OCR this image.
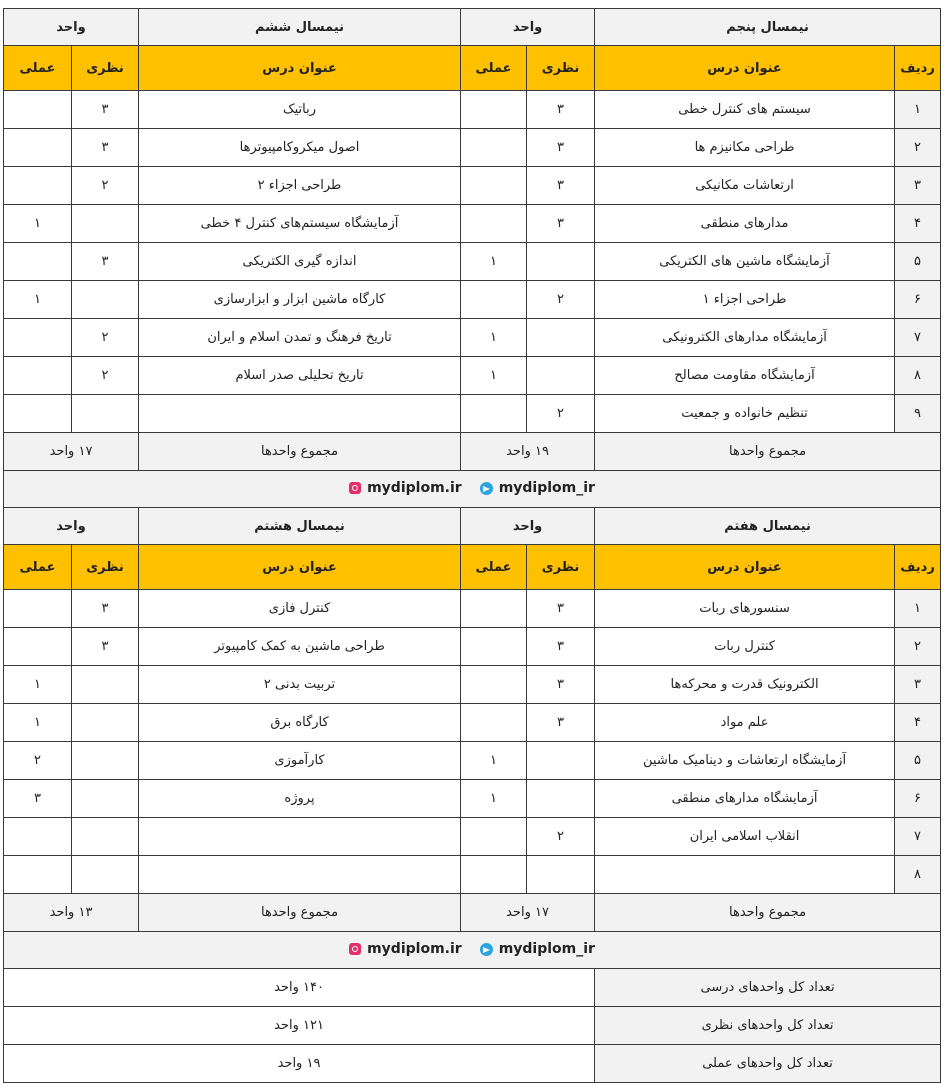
نیمسال پنجم		واحد		نیمسال ششم	واحد	
ردیف	عنوان درس	نظری	عملی	عنوان درس	نظری	عملی
۱	سیستم های کنترل خطی	۳		رباتیک	۳	
۲	طراحی مکانیزم ها	۳		اصول میکروکامپیوترها	۳	
۳	ارتعاشات مکانیکی	۳		طراحی اجزاء ۲	۲	
۴	مدارهای منطقی	۳		آزمایشگاه سیستم‌های کنترل ۴ خطی		۱
۵	آزمایشگاه ماشین های الکتریکی		۱	اندازه گیری الکتریکی	۳	
۶	طراحی اجزاء ۱	۲		کارگاه ماشین ابزار و ابزارسازی		۱
۷	آزمایشگاه مدارهای الکترونیکی		۱	تاریخ فرهنگ و تمدن اسلام و ایران	۲	
۸	آزمایشگاه مقاومت مصالح		۱	تاریخ تحلیلی صدر اسلام	۲	
۹	تنظیم خانواده و جمعیت	۲				
مجموع واحدها		۱۹ واحد		مجموع واحدها	۱۷ واحد	

mydiplom.ir mydiplom_ir						

نیمسال هفتم		واحد		نیمسال هشتم	واحد	
ردیف	عنوان درس	نظری	عملی	عنوان درس	نظری	عملی
۱	سنسورهای ربات	۳		کنترل فازی	۳	
۲	کنترل ربات	۳		طراحی ماشین به کمک کامپیوتر	۳	
۳	الکترونیک قدرت و محرکه‌ها	۳		تربیت بدنی ۲		۱
۴	علم مواد	۳		کارگاه برق		۱
۵	آزمایشگاه ارتعاشات و دینامیک ماشین		۱	کارآموزی		۲
۶	آزمایشگاه مدارهای منطقی		۱	پروژه		۳
۷	انقلاب اسلامی ایران	۲				
۸						
مجموع واحدها		۱۷ واحد		مجموع واحدها	۱۳ واحد	

mydiplom.ir mydiplom_ir						

تعداد کل واحدهای درسی		۱۴۰ واحد				
تعداد کل واحدهای نظری		۱۲۱ واحد				
تعداد کل واحدهای عملی		۱۹ واحد				
